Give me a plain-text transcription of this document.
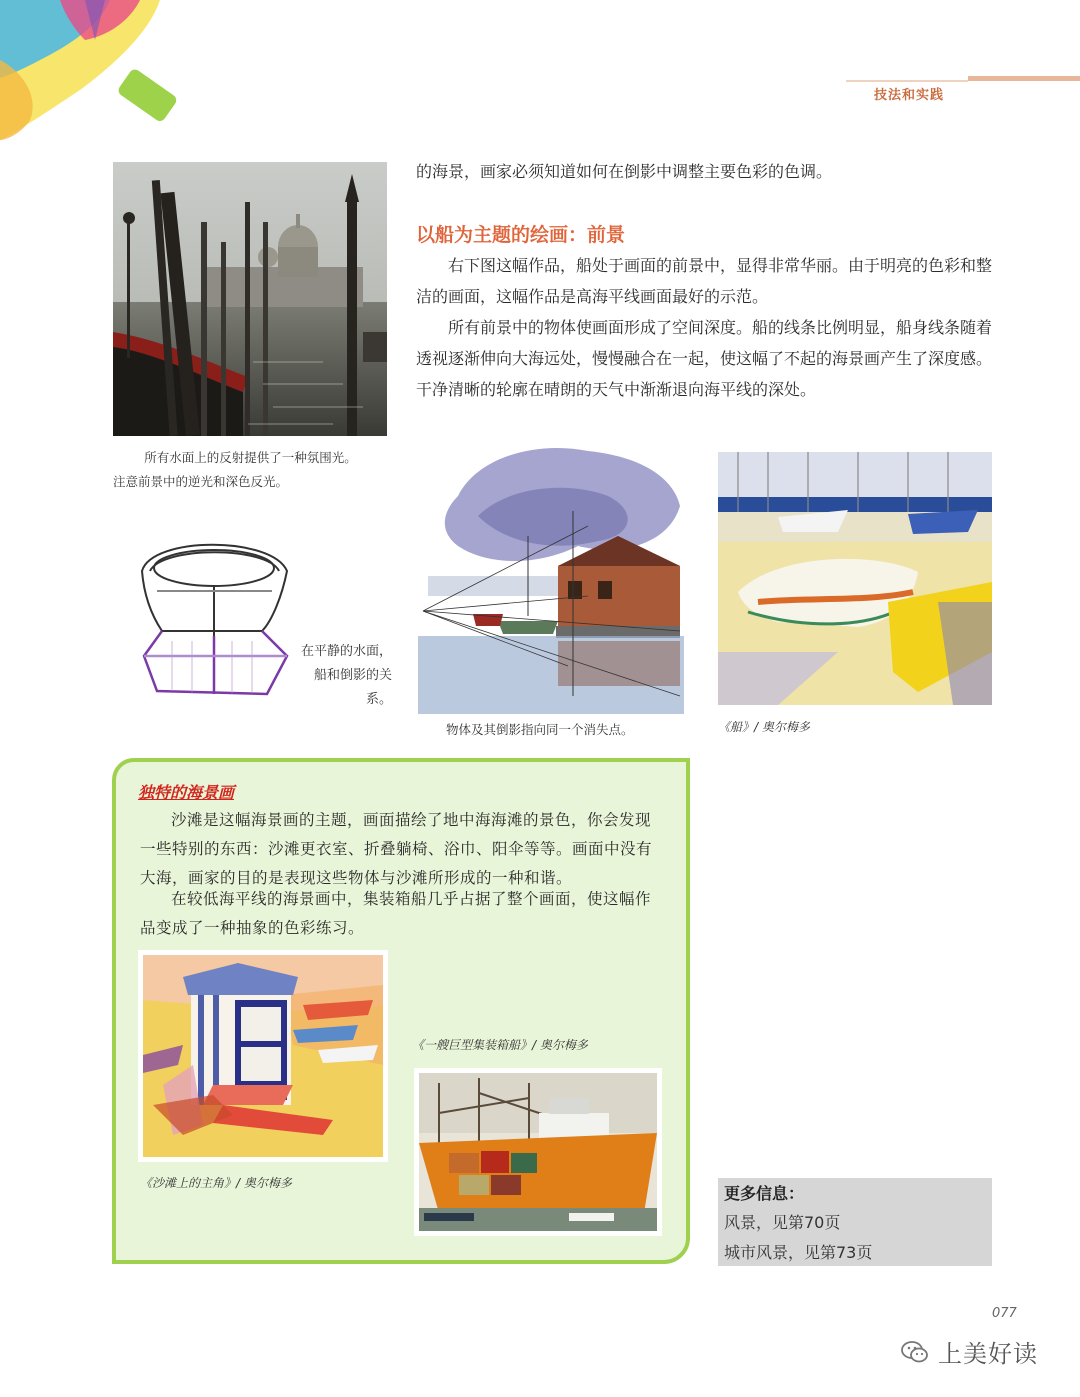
技法和实践

的海景，画家必须知道如何在倒影中调整主要色彩的色调。

以船为主题的绘画：前景

右下图这幅作品，船处于画面的前景中，显得非常华丽。由于明亮的色彩和整洁的画面，这幅作品是高海平线画面最好的示范。

所有前景中的物体使画面形成了空间深度。船的线条比例明显，船身线条随着透视逐渐伸向大海远处，慢慢融合在一起，使这幅了不起的海景画产生了深度感。干净清晰的轮廓在晴朗的天气中渐渐退向海平线的深处。

所有水面上的反射提供了一种氛围光。
注意前景中的逆光和深色反光。
在平静的水面，船和倒影的关系。
物体及其倒影指向同一个消失点。	《船》/ 奥尔梅多
独特的海景画

沙滩是这幅海景画的主题，画面描绘了地中海海滩的景色，你会发现一些特别的东西：沙滩更衣室、折叠躺椅、浴巾、阳伞等等。画面中没有大海，画家的目的是表现这些物体与沙滩所形成的一种和谐。

在较低海平线的海景画中，集装箱船几乎占据了整个画面，使这幅作品变成了一种抽象的色彩练习。

《沙滩上的主角》/ 奥尔梅多
《一艘巨型集装箱船》/ 奥尔梅多
更多信息：
风景，见第70页
城市风景，见第73页
077
上美好读
